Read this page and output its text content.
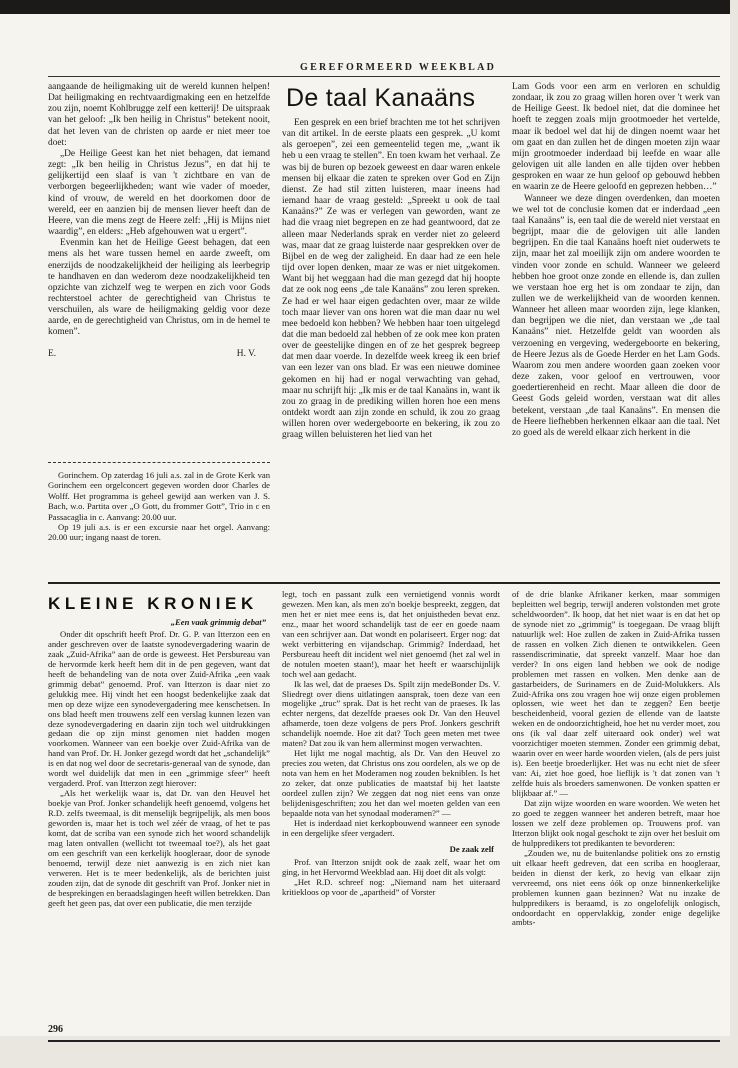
GEREFORMEERD WEEKBLAD

aangaande de heiligmaking uit de wereld kunnen helpen! Dat heiligmaking en rechtvaardigmaking een en hetzelfde zou zijn, noemt Kohlbrugge zelf een ketterij! De uitspraak van het geloof: „Ik ben heilig in Christus” betekent nooit, dat het leven van de christen op aarde er niet meer toe doet:

„De Heilige Geest kan het niet behagen, dat iemand zegt: „Ik ben heilig in Christus Jezus”, en dat hij te gelijkertijd een slaaf is van 't zichtbare en van de verborgen begeerlijkheden; want wie vader of moeder, kind of vrouw, de wereld en het doorkomen door de wereld, eer en aanzien bij de mensen liever heeft dan de Heere, van die mens zegt de Heere zelf: „Hij is Mijns niet waardig”, en elders: „Heb afgehouwen wat u ergert”.

Evenmin kan het de Heilige Geest behagen, dat een mens als het ware tussen hemel en aarde zweeft, om enerzijds de noodzakelijkheid der heiliging als leerbegrip te handhaven en dan wederom deze noodzakelijkheid ten opzichte van zichzelf weg te werpen en zich voor Gods rechterstoel achter de gerechtigheid van Christus te verschuilen, als ware de heiligmaking geldig voor deze aarde, en de gerechtigheid van Christus, om in de hemel te komen”.

E.	H. V.

Gorinchem. Op zaterdag 16 juli a.s. zal in de Grote Kerk van Gorinchem een orgelconcert gegeven worden door Charles de Wolff. Het programma is geheel gewijd aan werken van J. S. Bach, w.o. Partita over „O Gott, du frommer Gott”, Trio in c en Passacaglia in c. Aanvang: 20.00 uur.

Op 19 juli a.s. is er een excursie naar het orgel. Aanvang: 20.00 uur; ingang naast de toren.

De taal Kanaäns

Een gesprek en een brief brachten me tot het schrijven van dit artikel. In de eerste plaats een gesprek. „U komt als geroepen”, zei een gemeentelid tegen me, „want ik heb u een vraag te stellen”. En toen kwam het verhaal. Ze was bij de buren op bezoek geweest en daar waren enkele mensen bij elkaar die zaten te spreken over God en Zijn dienst. Ze had stil zitten luisteren, maar ineens had iemand haar de vraag gesteld: „Spreekt u ook de taal Kanaäns?” Ze was er verlegen van geworden, want ze had die vraag niet begrepen en ze had geantwoord, dat ze alleen maar Nederlands sprak en verder niet zo geleerd was, maar dat ze graag luisterde naar gesprekken over de Bijbel en de weg der zaligheid. En daar had ze een hele tijd over lopen denken, maar ze was er niet uitgekomen. Want bij het weggaan had die man gezegd dat hij hoopte dat ze ook nog eens „de tale Kanaäns” zou leren spreken. Ze had er wel haar eigen gedachten over, maar ze wilde toch maar liever van ons horen wat die man daar nu wel mee bedoeld kon hebben? We hebben haar toen uitgelegd dat die man bedoeld zal hebben of ze ook mee kon praten over de geestelijke dingen en of ze het gesprek begreep dat men daar voerde. In dezelfde week kreeg ik een brief van een lezer van ons blad. Er was een nieuwe dominee gekomen en hij had er nogal verwachting van gehad, maar nu schrijft hij: „Ik mis er de taal Kanaäns in, want ik zou zo graag in de prediking willen horen hoe een mens ontdekt wordt aan zijn zonde en schuld, ik zou zo graag willen horen over wedergeboorte en bekering, ik zou zo graag willen beluisteren het lied van het

Lam Gods voor een arm en verloren en schuldig zondaar, ik zou zo graag willen horen over 't werk van de Heilige Geest. Ik bedoel niet, dat die dominee het hoeft te zeggen zoals mijn grootmoeder het vertelde, maar ik bedoel wel dat hij de dingen noemt waar het om gaat en dan zullen het de dingen moeten zijn waar mijn grootmoeder inderdaad bij leefde en waar alle gelovigen uit alle landen en alle tijden over hebben gesproken en waar ze hun geloof op gebouwd hebben en waarin ze de Heere geloofd en geprezen hebben…”

Wanneer we deze dingen overdenken, dan moeten we wel tot de conclusie komen dat er inderdaad „een taal Kanaäns” is, een taal die de wereld niet verstaat en begrijpt, maar die de gelovigen uit alle landen begrijpen. En die taal Kanaäns hoeft niet ouderwets te zijn, maar het zal moeilijk zijn om andere woorden te vinden voor zonde en schuld. Wanneer we geleerd hebben hoe groot onze zonde en ellende is, dan zullen we verstaan hoe erg het is om zondaar te zijn, dan zullen we de werkelijkheid van de woorden kennen. Wanneer het alleen maar woorden zijn, lege klanken, dan begrijpen we die niet, dan verstaan we „de taal Kanaäns” niet. Hetzelfde geldt van woorden als verzoening en vergeving, wedergeboorte en bekering, de Heere Jezus als de Goede Herder en het Lam Gods. Waarom zou men andere woorden gaan zoeken voor deze zaken, voor geloof en vertrouwen, voor goedertierenheid en recht. Maar alleen die door de Geest Gods geleid worden, verstaan wat dit alles betekent, verstaan „de taal Kanaäns”. En mensen die de Heere liefhebben herkennen elkaar aan die taal. Net zo goed als de wereld elkaar zich herkent in die

KLEINE KRONIEK

„Een vaak grimmig debat”

Onder dit opschrift heeft Prof. Dr. G. P. van Itterzon een en ander geschreven over de laatste synodevergadering waarin de zaak „Zuid-Afrika” aan de orde is geweest. Het Persbureau van de hervormde kerk heeft hem dit in de pen gegeven, want dat heeft de behandeling van de nota over Zuid-Afrika „een vaak grimmig debat” genoemd. Prof. van Itterzon is daar niet zo gelukkig mee. Hij vindt het een hoogst bedenkelijke zaak dat men op deze wijze een synodevergadering mee kenschetsen. In ons blad heeft men trouwens zelf een verslag kunnen lezen van deze synodevergadering en daarin zijn toch wel uitdrukkingen gedaan die op zijn minst genomen niet hadden mogen voorkomen. Wanneer van een boekje over Zuid-Afrika van de hand van Prof. Dr. H. Jonker gezegd wordt dat het „schandelijk” is en dat nog wel door de secretaris-generaal van de synode, dan wordt wel duidelijk dat men in een „grimmige sfeer” heeft vergaderd. Prof. van Itterzon zegt hierover:

„Als het werkelijk waar is, dat Dr. van den Heuvel het boekje van Prof. Jonker schandelijk heeft genoemd, volgens het R.D. zelfs tweemaal, is dit menselijk begrijpelijk, als men boos geworden is, maar het is toch wel zéér de vraag, of het te pas komt, dat de scriba van een synode zich het woord schandelijk mag laten ontvallen (wellicht tot tweemaal toe?), als het gaat om een geschrift van een kerkelijk hoogleraar, door de synode benoemd, terwijl deze niet aanwezig is en zich niet kan verweren. Het is te meer bedenkelijk, als de berichten juist zouden zijn, dat de synode dit geschrift van Prof. Jonker niet in de besprekingen en beraadslagingen heeft willen betrekken. Dan geeft het geen pas, dat over een publicatie, die men terzijde

legt, toch en passant zulk een vernietigend vonnis wordt gewezen. Men kan, als men zo'n boekje bespreekt, zeggen, dat men het er niet mee eens is, dat het onjuistheden bevat enz. enz., maar het woord schandelijk tast de eer en goede naam van een schrijver aan. Dat wondt en polariseert. Erger nog: dat wekt verbittering en vijandschap. Grimmig? Inderdaad, het Persbureau heeft dit incident wel niet genoemd (het zal wel in de notulen moeten staan!), maar het heeft er waarschijnlijk toch wel aan gedacht.

Ik las wel, dat de praeses Ds. Spilt zijn medeBonder Ds. V. Sliedregt over diens uitlatingen aansprak, toen deze van een mogelijke „truc” sprak. Dat is het recht van de praeses. Ik las echter nergens, dat dezelfde praeses ook Dr. Van den Heuvel afhamerde, toen deze volgens de pers Prof. Jonkers geschrift schandelijk noemde. Hoe zit dat? Toch geen meten met twee maten? Dat zou ik van hem allerminst mogen verwachten.

Het lijkt me nogal machtig, als Dr. Van den Heuvel zo precies zou weten, dat Christus ons zou oordelen, als we op de nota van hem en het Moderamen nog zouden bekniblen. Is het zo zeker, dat onze publicaties de maatstaf bij het laatste oordeel zullen zijn? We zeggen dat nog niet eens van onze belijdenisgeschriften; zou het dan wel moeten gelden van een bepaalde nota van het synodaal moderamen?” —

Het is inderdaad niet kerkopbouwend wanneer een synode in een dergelijke sfeer vergadert.

De zaak zelf

Prof. van Itterzon snijdt ook de zaak zelf, waar het om ging, in het Hervormd Weekblad aan. Hij doet dit als volgt:

„Het R.D. schreef nog: „Niemand nam het uiteraard kritiekloos op voor de „apartheid” of Vorster

of de drie blanke Afrikaner kerken, maar sommigen bepleitten wel begrip, terwijl anderen volstonden met grote scheldwoorden”. Ik hoop, dat het niet waar is en dat het op de synode niet zo „grimmig” is toegegaan. De vraag blijft natuurlijk wel: Hoe zullen de zaken in Zuid-Afrika tussen de rassen en volken Zich dienen te ontwikkelen. Geen rassendiscriminatie, dat spreekt vanzelf. Maar hoe dan verder? In ons eigen land hebben we ook de nodige problemen met rassen en volken. Men denke aan de gastarbeiders, de Surinamers en de Zuid-Molukkers. Als Zuid-Afrika ons zou vragen hoe wij onze eigen problemen oplossen, wie weet het dan te zeggen? Een beetje bescheidenheid, vooral gezien de ellende van de laatste weken en de ondoorzichtigheid, hoe het nu verder moet, zou ons (ik val daar zelf uiteraard ook onder) wel wat voorzichtiger moeten stemmen. Zonder een grimmig debat, waarin over en weer harde woorden vielen, (als de pers juist is). Een beetje broederlijker. Het was nu echt niet de sfeer van: Ai, ziet hoe goed, hoe lieflijk is 't dat zonen van 't zelfde huis als broeders samenwonen. De vonken spatten er blijkbaar af.” —

Dat zijn wijze woorden en ware woorden. We weten het zo goed te zeggen wanneer het anderen betreft, maar hoe lossen we zelf deze problemen op. Trouwens prof. van Itterzon blijkt ook nogal geschokt te zijn over het besluit om de hulppredikers tot predikanten te bevorderen:

„Zouden we, nu de buitenlandse politiek ons zo ernstig uit elkaar heeft gedreven, dat een scriba en hoogleraar, beiden in dienst der kerk, zo hevig van elkaar zijn vervreemd, ons niet eens óók op onze binnenkerkelijke problemen kunnen gaan bezinnen? Wat nu inzake de hulppredikers is beraamd, is zo ongelofelijk onlogisch, ondoordacht en oppervlakkig, zonder enige degelijke ambts-

296
